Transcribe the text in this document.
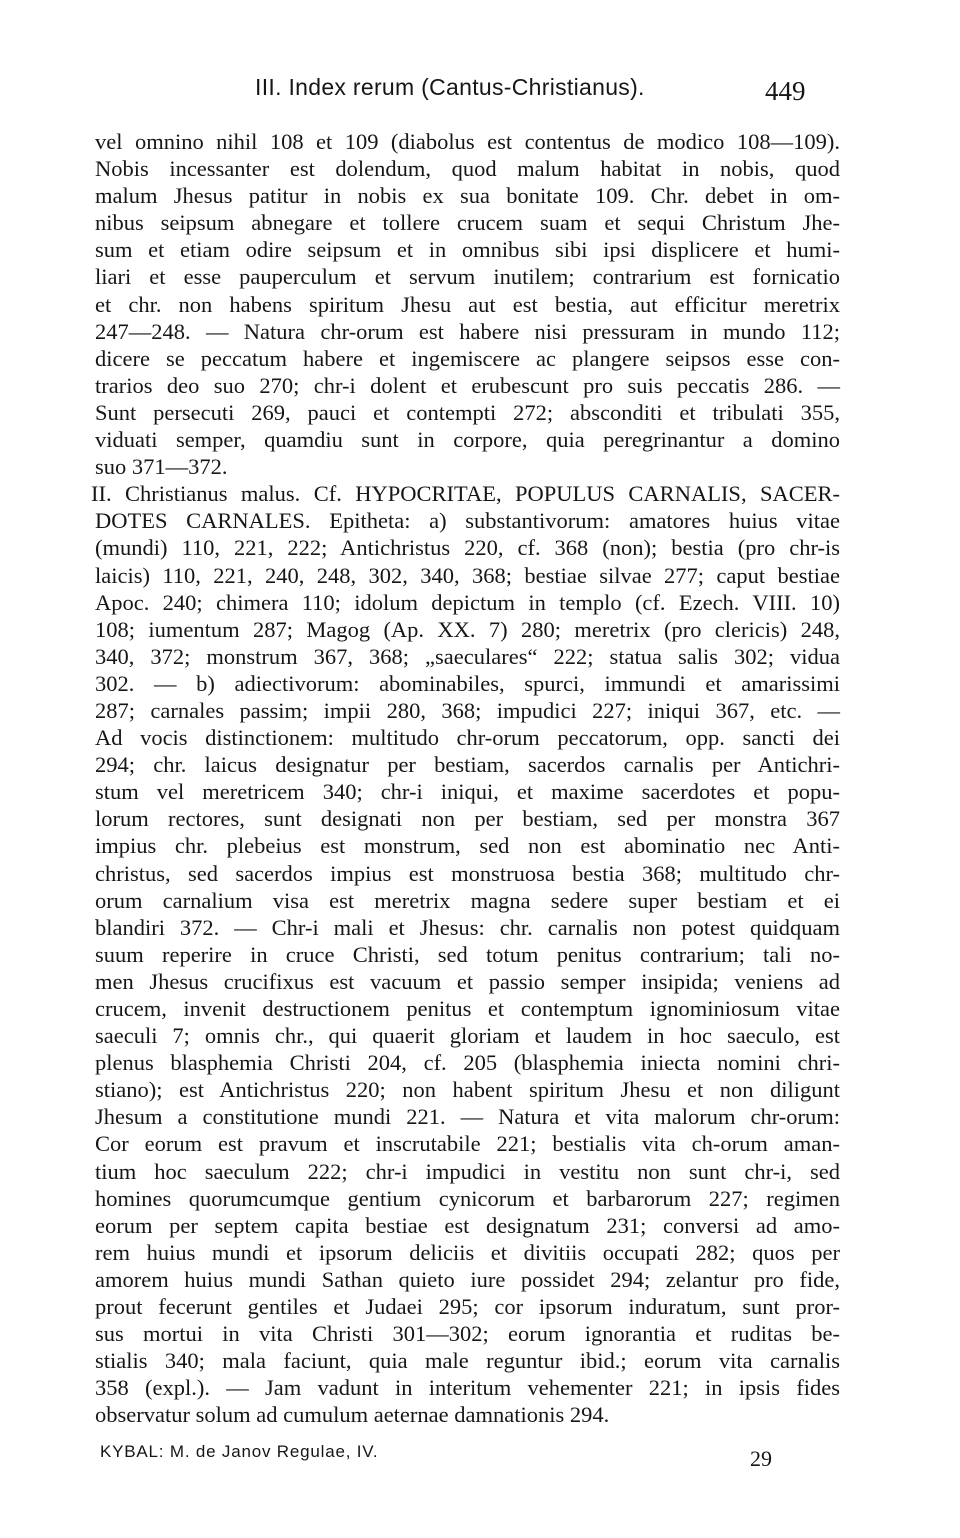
III. Index rerum (Cantus-Christianus).	449
vel omnino nihil 108 et 109 (diabolus est contentus de modico 108—109).
Nobis incessanter est dolendum, quod malum habitat in nobis, quod
malum Jhesus patitur in nobis ex sua bonitate 109. Chr. debet in om-
nibus seipsum abnegare et tollere crucem suam et sequi Christum Jhe-
sum et etiam odire seipsum et in omnibus sibi ipsi displicere et humi-
liari et esse pauperculum et servum inutilem; contrarium est fornicatio
et chr. non habens spiritum Jhesu aut est bestia, aut efficitur meretrix
247—248. — Natura chr-orum est habere nisi pressuram in mundo 112;
dicere se peccatum habere et ingemiscere ac plangere seipsos esse con-
trarios deo suo 270; chr-i dolent et erubescunt pro suis peccatis 286. —
Sunt persecuti 269, pauci et contempti 272; absconditi et tribulati 355,
viduati semper, quamdiu sunt in corpore, quia peregrinantur a domino
suo 371—372.
II. Christianus malus. Cf. HYPOCRITAE, POPULUS CARNALIS, SACER-
DOTES CARNALES. Epitheta: a) substantivorum: amatores huius vitae
(mundi) 110, 221, 222; Antichristus 220, cf. 368 (non); bestia (pro chr-is
laicis) 110, 221, 240, 248, 302, 340, 368; bestiae silvae 277; caput bestiae
Apoc. 240; chimera 110; idolum depictum in templo (cf. Ezech. VIII. 10)
108; iumentum 287; Magog (Ap. XX. 7) 280; meretrix (pro clericis) 248,
340, 372; monstrum 367, 368; „saeculares“ 222; statua salis 302; vidua
302. — b) adiectivorum: abominabiles, spurci, immundi et amarissimi
287; carnales passim; impii 280, 368; impudici 227; iniqui 367, etc. —
Ad vocis distinctionem: multitudo chr-orum peccatorum, opp. sancti dei
294; chr. laicus designatur per bestiam, sacerdos carnalis per Antichri-
stum vel meretricem 340; chr-i iniqui, et maxime sacerdotes et popu-
lorum rectores, sunt designati non per bestiam, sed per monstra 367
impius chr. plebeius est monstrum, sed non est abominatio nec Anti-
christus, sed sacerdos impius est monstruosa bestia 368; multitudo chr-
orum carnalium visa est meretrix magna sedere super bestiam et ei
blandiri 372. — Chr-i mali et Jhesus: chr. carnalis non potest quidquam
suum reperire in cruce Christi, sed totum penitus contrarium; tali no-
men Jhesus crucifixus est vacuum et passio semper insipida; veniens ad
crucem, invenit destructionem penitus et contemptum ignominiosum vitae
saeculi 7; omnis chr., qui quaerit gloriam et laudem in hoc saeculo, est
plenus blasphemia Christi 204, cf. 205 (blasphemia iniecta nomini chri-
stiano); est Antichristus 220; non habent spiritum Jhesu et non diligunt
Jhesum a constitutione mundi 221. — Natura et vita malorum chr-orum:
Cor eorum est pravum et inscrutabile 221; bestialis vita ch-orum aman-
tium hoc saeculum 222; chr-i impudici in vestitu non sunt chr-i, sed
homines quorumcumque gentium cynicorum et barbarorum 227; regimen
eorum per septem capita bestiae est designatum 231; conversi ad amo-
rem huius mundi et ipsorum deliciis et divitiis occupati 282; quos per
amorem huius mundi Sathan quieto iure possidet 294; zelantur pro fide,
prout fecerunt gentiles et Judaei 295; cor ipsorum induratum, sunt pror-
sus mortui in vita Christi 301—302; eorum ignorantia et ruditas be-
stialis 340; mala faciunt, quia male reguntur ibid.; eorum vita carnalis
358 (expl.). — Jam vadunt in interitum vehementer 221; in ipsis fides
observatur solum ad cumulum aeternae damnationis 294.
KYBAL: M. de Janov Regulae, IV.	29
